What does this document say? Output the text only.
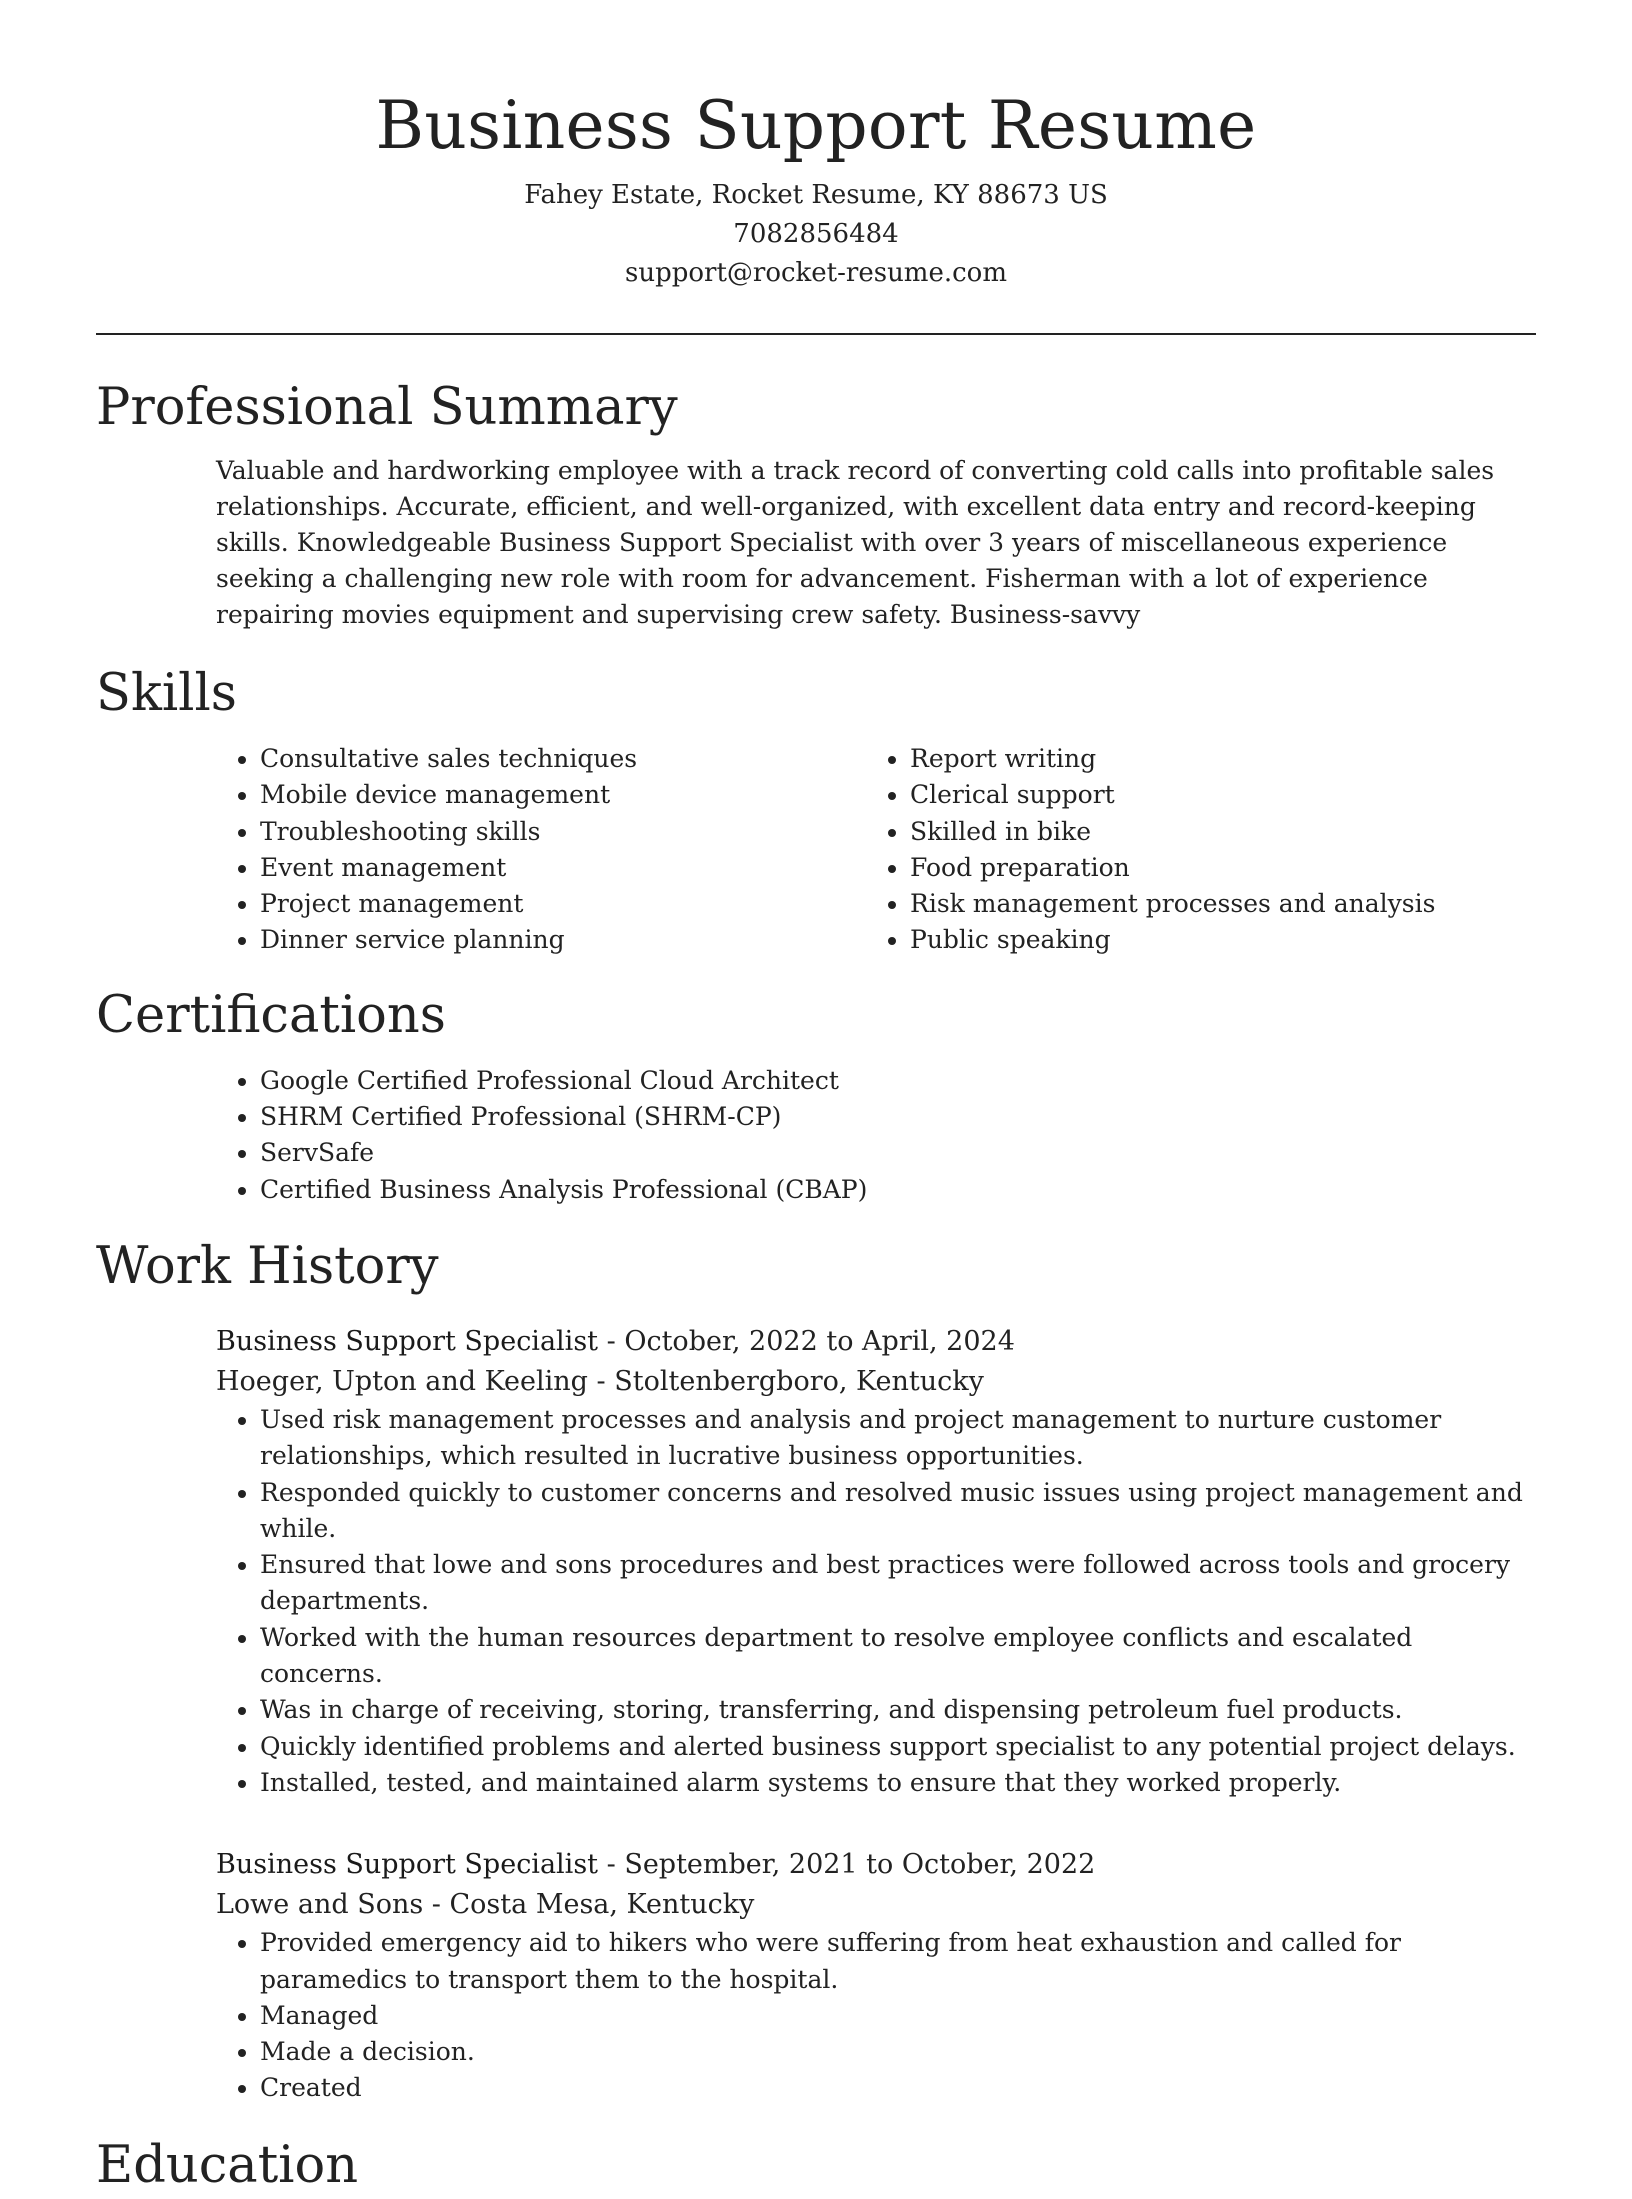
Business Support Resume
Fahey Estate, Rocket Resume, KY 88673 US
7082856484
support@rocket-resume.com
Professional Summary

Valuable and hardworking employee with a track record of converting cold calls into profitable sales relationships. Accurate, efficient, and well-organized, with excellent data entry and record-keeping skills. Knowledgeable Business Support Specialist with over 3 years of miscellaneous experience seeking a challenging new role with room for advancement. Fisherman with a lot of experience repairing movies equipment and supervising crew safety. Business-savvy

Skills
• Consultative sales techniques
• Mobile device management
• Troubleshooting skills
• Event management
• Project management
• Dinner service planning
• Report writing
• Clerical support
• Skilled in bike
• Food preparation
• Risk management processes and analysis
• Public speaking
Certifications
• Google Certified Professional Cloud Architect
• SHRM Certified Professional (SHRM-CP)
• ServSafe
• Certified Business Analysis Professional (CBAP)
Work History
Business Support Specialist - October, 2022 to April, 2024
Hoeger, Upton and Keeling - Stoltenbergboro, Kentucky
• Used risk management processes and analysis and project management to nurture customer relationships, which resulted in lucrative business opportunities.
• Responded quickly to customer concerns and resolved music issues using project management and while.
• Ensured that lowe and sons procedures and best practices were followed across tools and grocery departments.
• Worked with the human resources department to resolve employee conflicts and escalated concerns.
• Was in charge of receiving, storing, transferring, and dispensing petroleum fuel products.
• Quickly identified problems and alerted business support specialist to any potential project delays.
• Installed, tested, and maintained alarm systems to ensure that they worked properly.
Business Support Specialist - September, 2021 to October, 2022
Lowe and Sons - Costa Mesa, Kentucky
• Provided emergency aid to hikers who were suffering from heat exhaustion and called for paramedics to transport them to the hospital.
• Managed
• Made a decision.
• Created
Education
